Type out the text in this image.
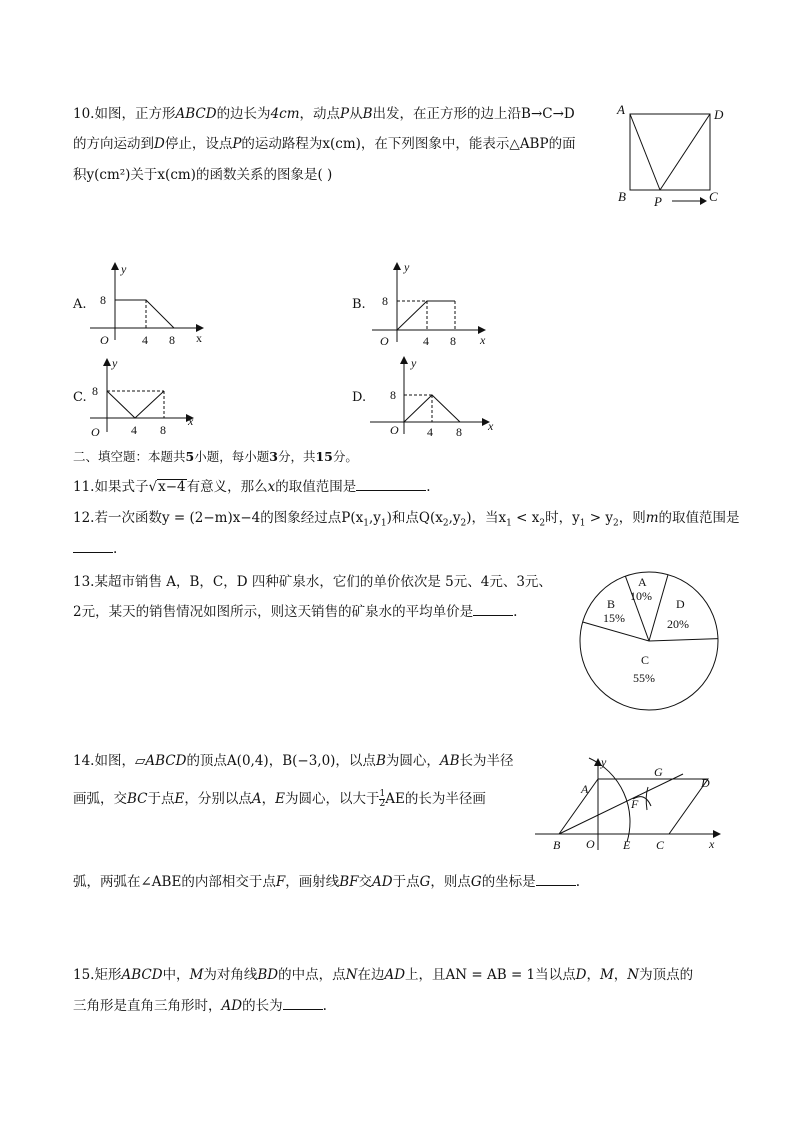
10.如图，正方形ABCD的边长为4cm，动点P从B出发，在正方形的边上沿B→C→D
的方向运动到D停止，设点P的运动路程为x(cm)，在下列图象中，能表示△ABP的面
积y(cm²)关于x(cm)的函数关系的图象是( )
A	D
B P	C
A. 8
4 8
O	x
y
B. 8
4 8
O	x
y
C. 8
4 8
O
x
y
D. 8
4 8
O	x
y
二、填空题：本题共5小题，每小题3分，共15分。
11.如果式子√x−4有意义，那么x的取值范围是	.
12.若一次函数y = (2−m)x−4的图象经过点$P(x_1,y_1)$和点$Q(x_2,y_2)$，当$x_1 < x_2$时，$y_1 > y_2$，则m的取值范围是
.
13.某超市销售 A，B，C，D 四种矿泉水，它们的单价依次是 5元、4元、3元、
2元，某天的销售情况如图所示，则这天销售的矿泉水的平均单价是	.
A
10%
B
15%
D
20%
C
55%
14.如图，▱ABCD的顶点A(0,4)，B(−3,0)，以点B为圆心，AB长为半径
画弧，交BC于点E，分别以点A，E为圆心，以大于 $\frac{1}{2}$ AE的长为半径画
弧，两弧在∠ABE的内部相交于点F，画射线BF交AD于点G，则点G的坐标是	.
y
x
A
B O E C
D
F
G
15.矩形ABCD中，M为对角线BD的中点，点N在边AD上，且AN = AB = 1当以点D，M，N为顶点的
三角形是直角三角形时，AD的长为	.
